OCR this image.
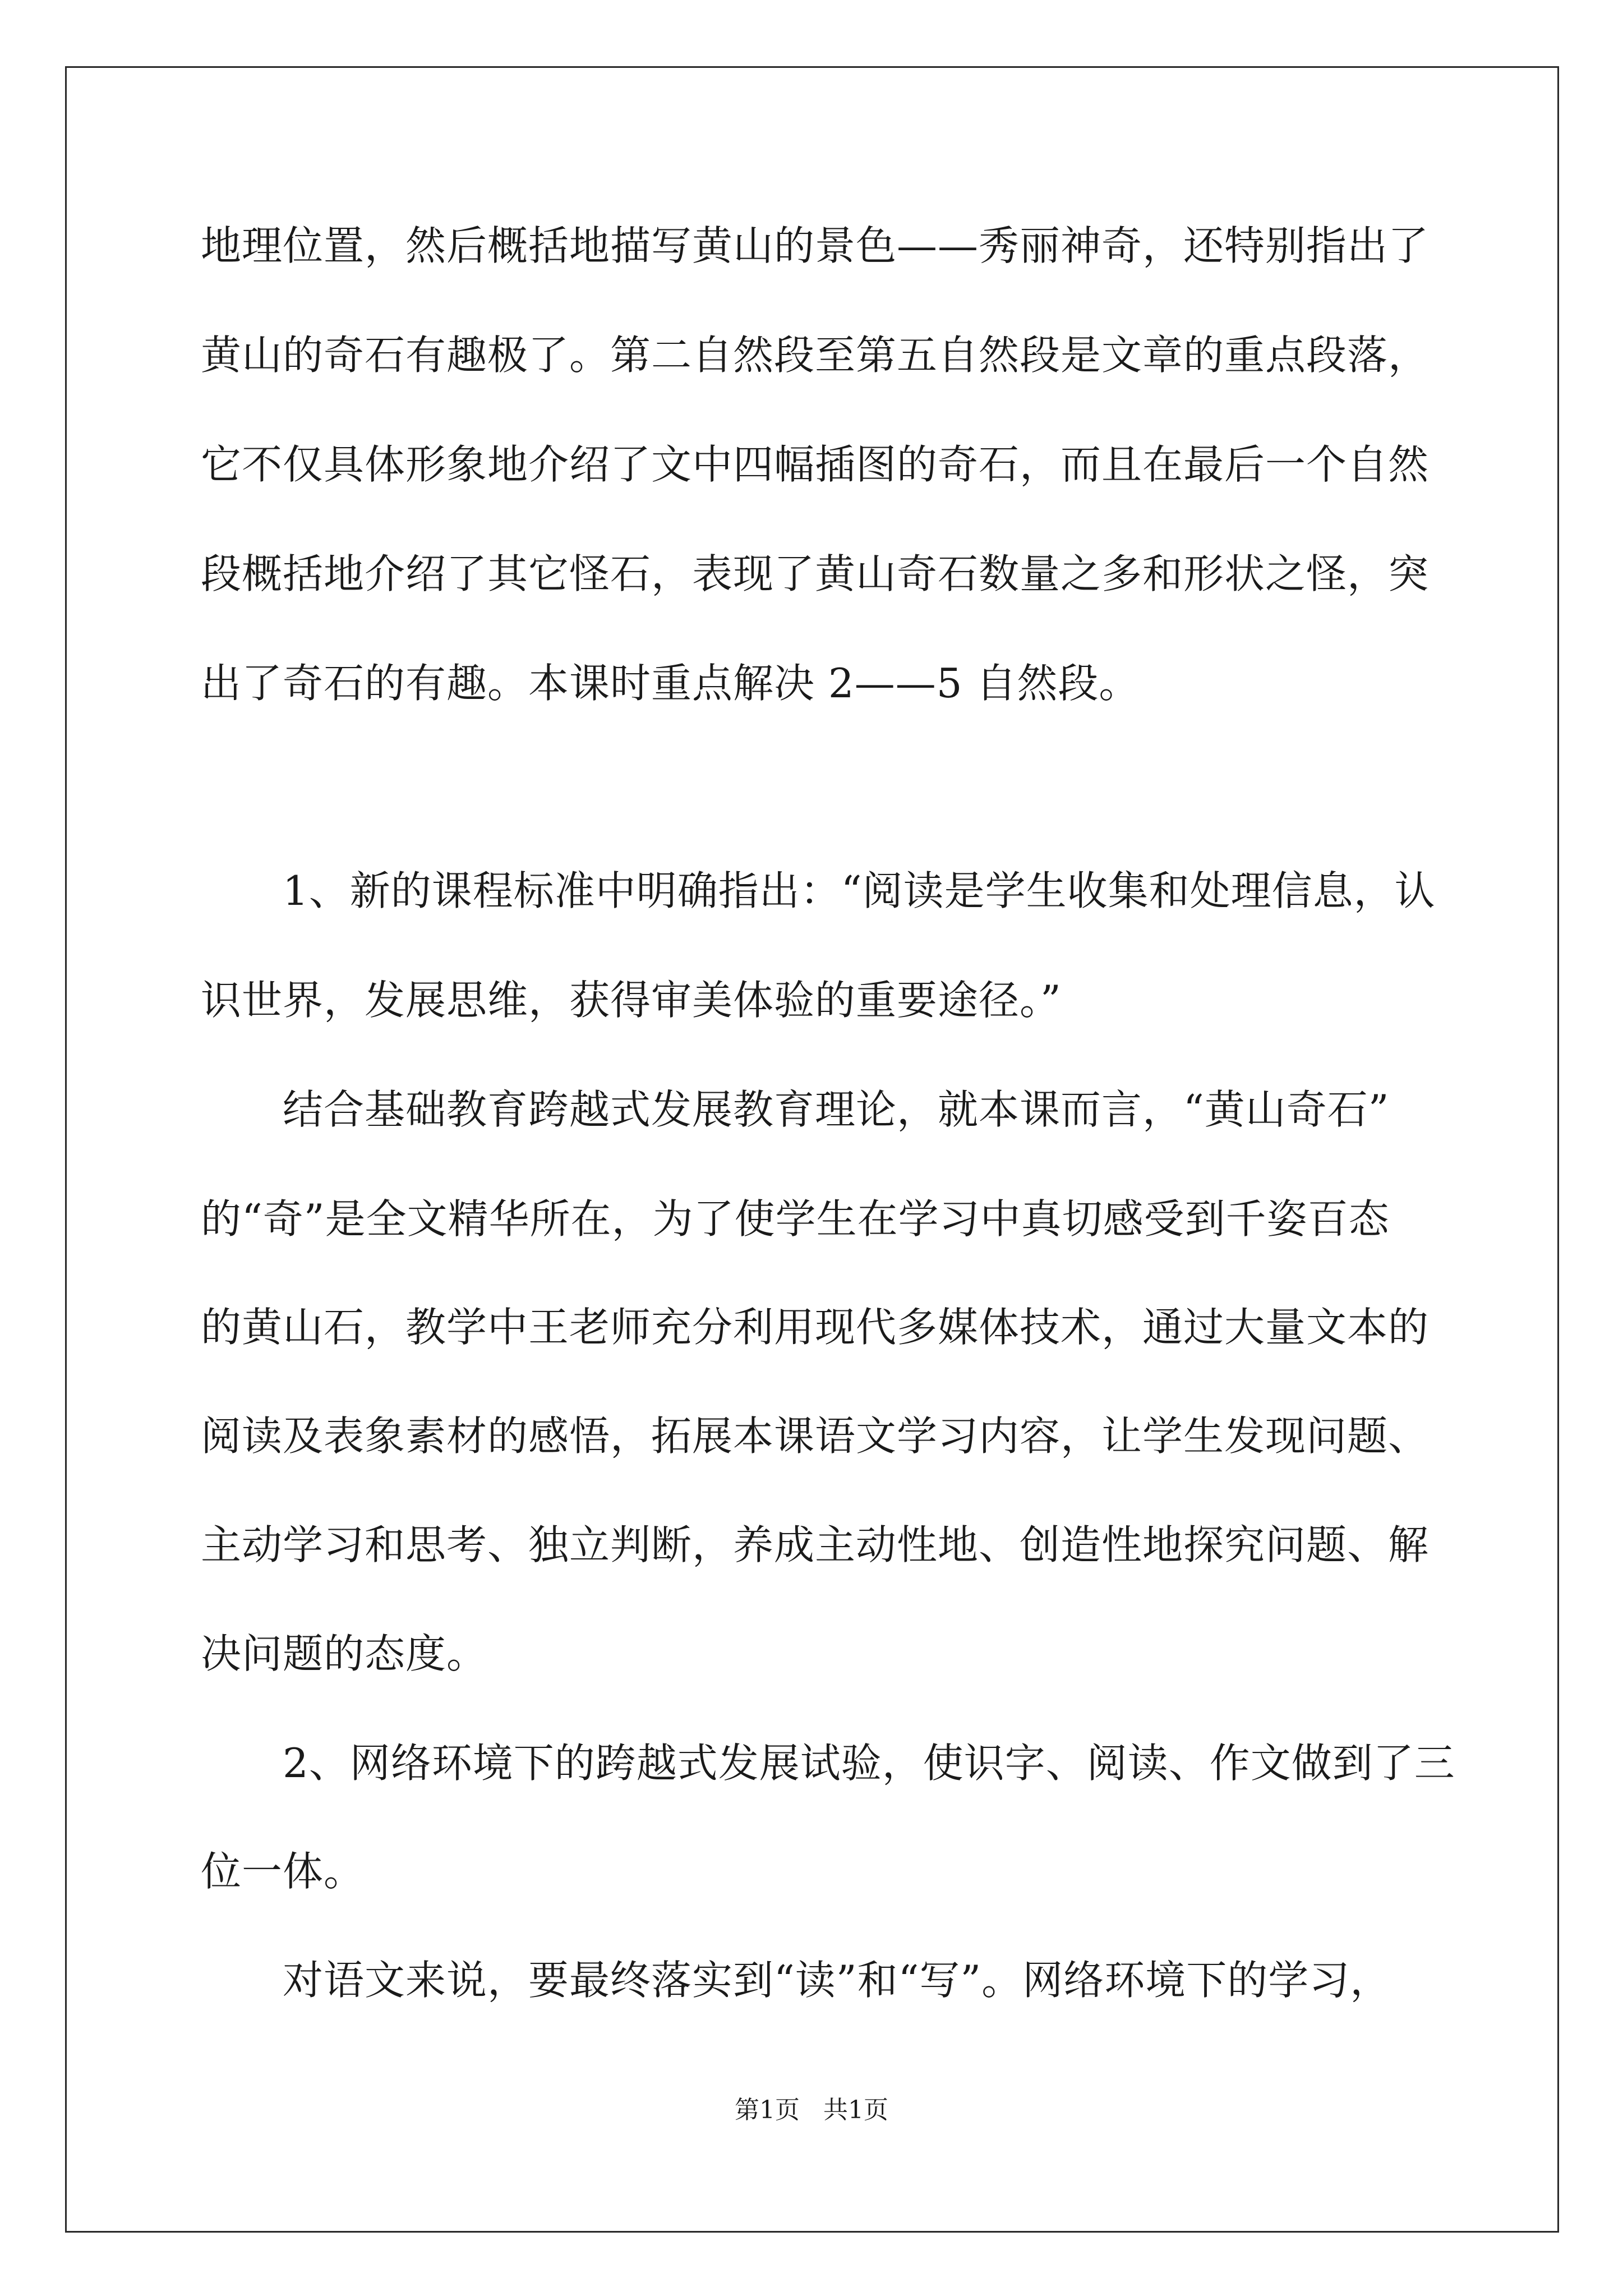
地理位置，然后概括地描写黄山的景色——秀丽神奇，还特别指出了

黄山的奇石有趣极了。第二自然段至第五自然段是文章的重点段落，

它不仅具体形象地介绍了文中四幅插图的奇石，而且在最后一个自然

段概括地介绍了其它怪石，表现了黄山奇石数量之多和形状之怪，突

出了奇石的有趣。本课时重点解决 2——5 自然段。

　　1、新的课程标准中明确指出：“阅读是学生收集和处理信息，认

识世界，发展思维，获得审美体验的重要途径。”

　　结合基础教育跨越式发展教育理论，就本课而言，“黄山奇石”

的“奇”是全文精华所在，为了使学生在学习中真切感受到千姿百态

的黄山石，教学中王老师充分利用现代多媒体技术，通过大量文本的

阅读及表象素材的感悟，拓展本课语文学习内容，让学生发现问题、

主动学习和思考、独立判断，养成主动性地、创造性地探究问题、解

决问题的态度。

　　2、网络环境下的跨越式发展试验，使识字、阅读、作文做到了三

位一体。

　　对语文来说，要最终落实到“读”和“写”。网络环境下的学习，

第1页   共1页
